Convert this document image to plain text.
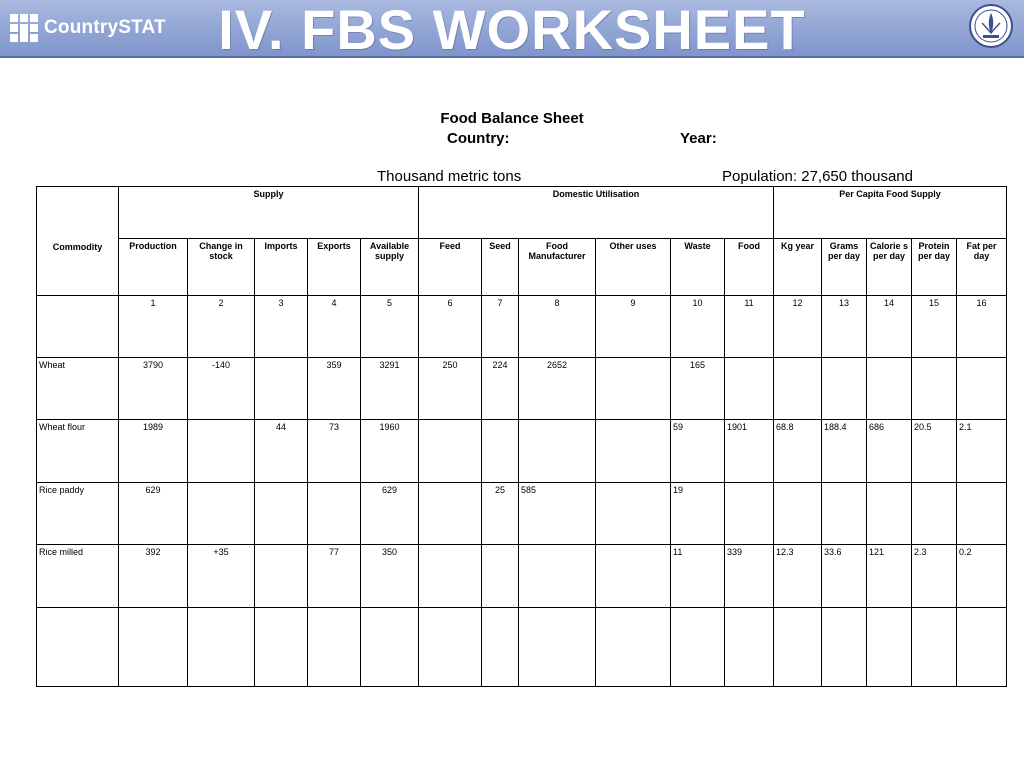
CountrySTAT IV. FBS WORKSHEET
Food Balance Sheet
Country:	Year:
Thousand metric tons	Population: 27,650 thousand
Commodity	Supply					Domestic Utilisation						Per Capita Food Supply				
	Production	Change in stock	Imports	Exports	Available supply	Feed	Seed	Food Manufacturer	Other uses	Waste	Food	Kg year	Grams per day	Calorie s per day	Protein per day	Fat per day
	1	2	3	4	5	6	7	8	9	10	11	12	13	14	15	16
Wheat	3790	-140		359	3291	250	224	2652		165						
Wheat flour	1989		44	73	1960					59	1901	68.8	188.4	686	20.5	2.1
Rice paddy	629				629		25	585		19						
Rice milled	392	+35		77	350					11	339	12.3	33.6	121	2.3	0.2
